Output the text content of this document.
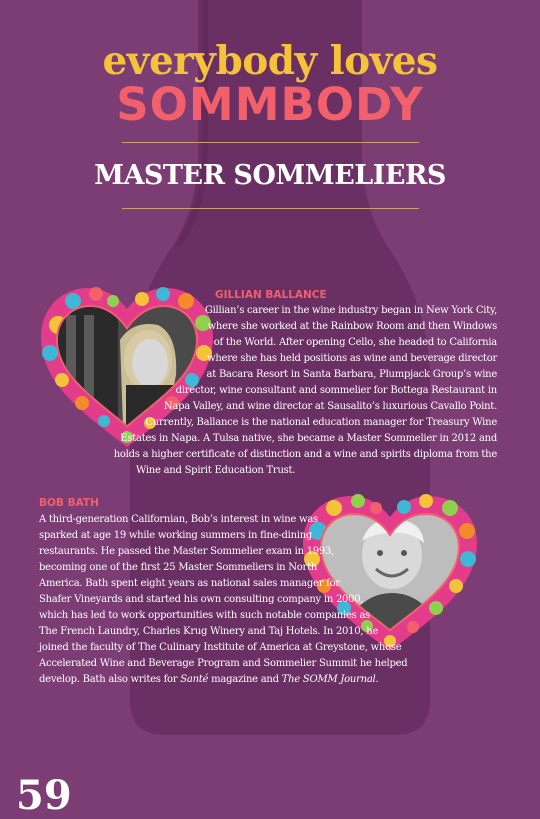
everybody loves
SOMMBODY
MASTER SOMMELIERS
GILLIAN BALLANCE
Gillian’s career in the wine industry began in New York City,
where she worked at the Rainbow Room and then Windows
of the World. After opening Cello, she headed to California
where she has held positions as wine and beverage director
at Bacara Resort in Santa Barbara, Plumpjack Group’s wine
director, wine consultant and sommelier for Bottega Restaurant in
Napa Valley, and wine director at Sausalito’s luxurious Cavallo Point.
Currently, Ballance is the national education manager for Treasury Wine
Estates in Napa. A Tulsa native, she became a Master Sommelier in 2012 and
holds a higher certificate of distinction and a wine and spirits diploma from the
Wine and Spirit Education Trust.
BOB BATH
A third-generation Californian, Bob’s interest in wine was
sparked at age 19 while working summers in fine-dining
restaurants. He passed the Master Sommelier exam in 1993,
becoming one of the first 25 Master Sommeliers in North
America. Bath spent eight years as national sales manager for
Shafer Vineyards and started his own consulting company in 2000,
which has led to work opportunities with such notable companies as
The French Laundry, Charles Krug Winery and Taj Hotels. In 2010, he
joined the faculty of The Culinary Institute of America at Greystone, whose
Accelerated Wine and Beverage Program and Sommelier Summit he helped
develop. Bath also writes for Santé magazine and The SOMM Journal.
59
